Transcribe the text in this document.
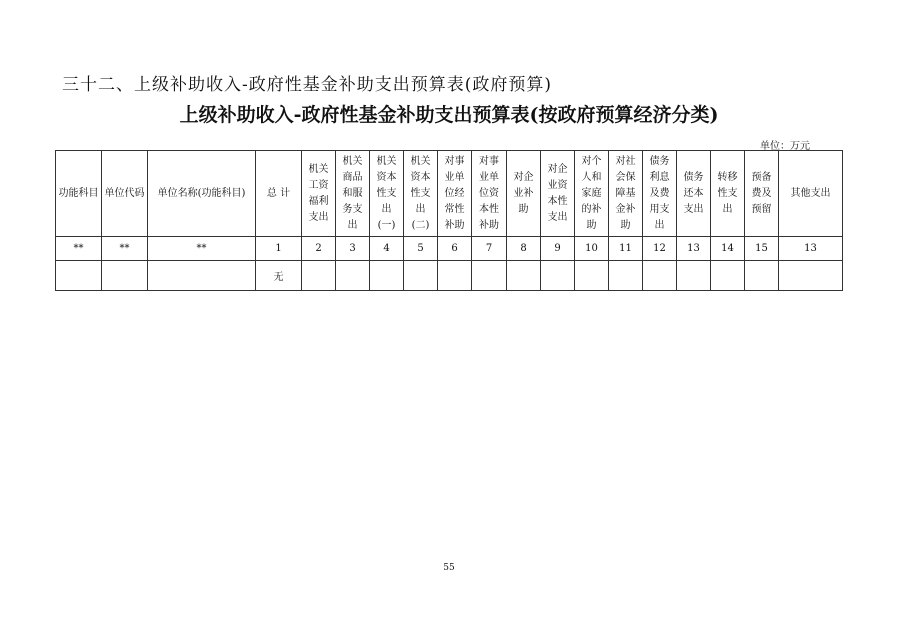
三十二、上级补助收入-政府性基金补助支出预算表(政府预算)
上级补助收入-政府性基金补助支出预算表(按政府预算经济分类)
单位：万元
功能科目	单位代码	单位名称(功能科目)	总 计	机关工资福利支出	机关商品和服务支出	机关资本性支出(一)	机关资本性支出(二)	对事业单位经常性补助	对事业单位资本性补助	对企业补助	对企业资本性支出	对个人和家庭的补助	对社会保障基金补助	债务利息及费用支出	债务还本支出	转移性支出	预备费及预留	其他支出

**	**	**	1	2	3	4	5	6	7	8	9	10	11	12	13	14	15	13
			无															
55
